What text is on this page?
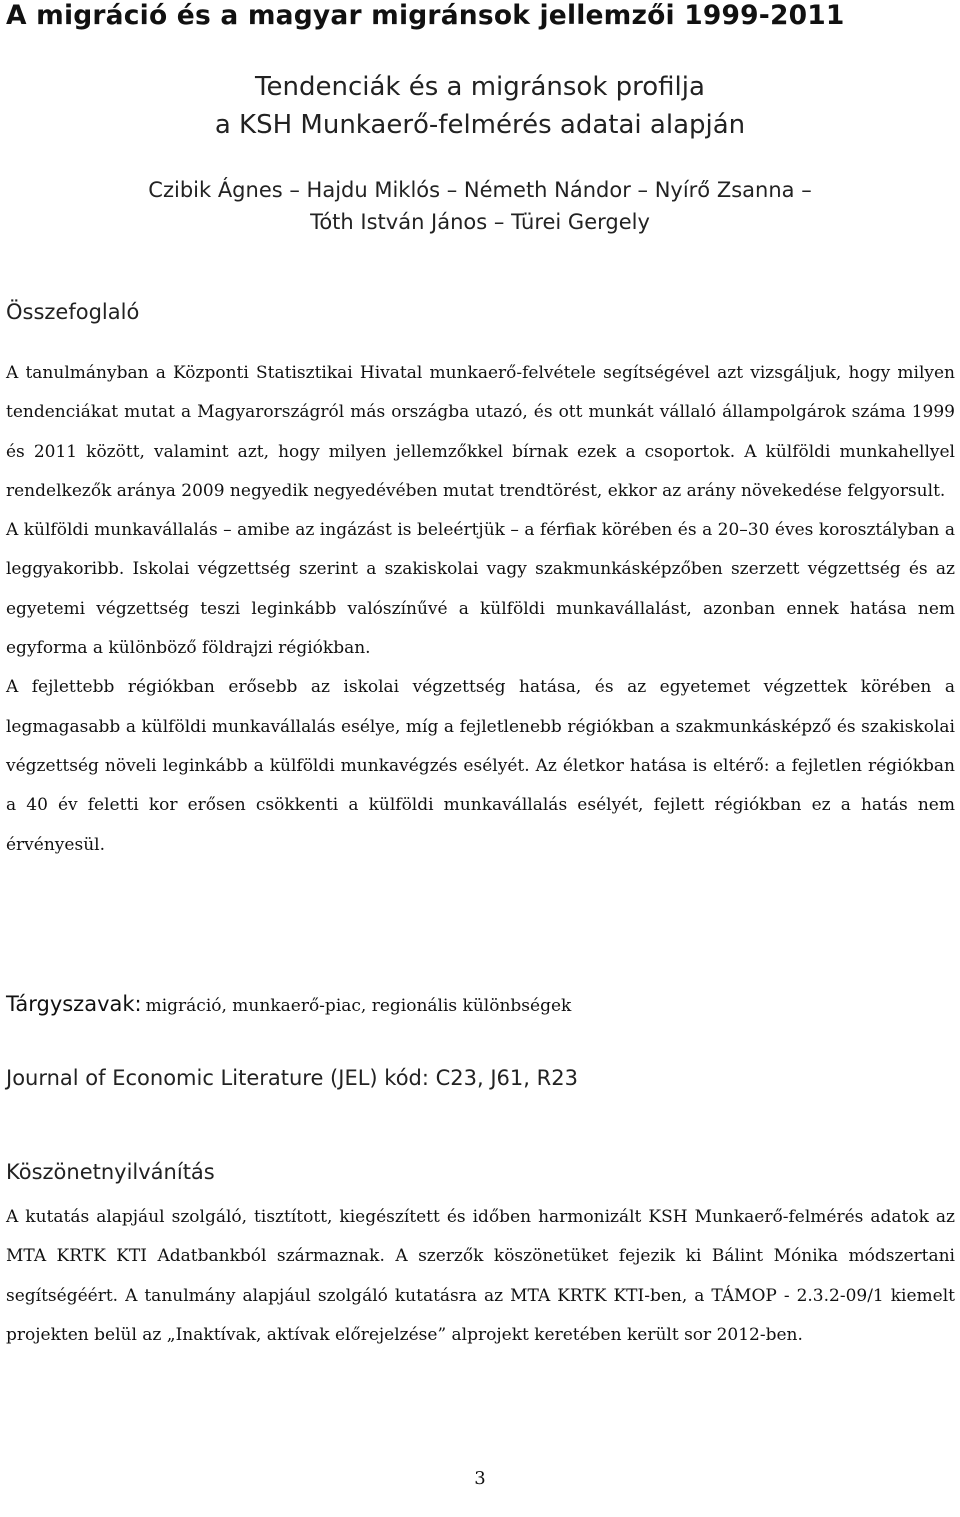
A migráció és a magyar migránsok jellemzői 1999-2011
Tendenciák és a migránsok profilja
a KSH Munkaerő-felmérés adatai alapján
Czibik Ágnes – Hajdu Miklós – Németh Nándor – Nyírő Zsanna –
Tóth István János – Türei Gergely
Összefoglaló

A tanulmányban a Központi Statisztikai Hivatal munkaerő-felvétele segítségével azt vizsgáljuk, hogy milyen tendenciákat mutat a Magyarországról más országba utazó, és ott munkát vállaló állampolgárok száma 1999 és 2011 között, valamint azt, hogy milyen jellemzőkkel bírnak ezek a csoportok. A külföldi munkahellyel rendelkezők aránya 2009 negyedik negyedévében mutat trendtörést, ekkor az arány növekedése felgyorsult.

A külföldi munkavállalás – amibe az ingázást is beleértjük – a férfiak körében és a 20–30 éves korosztályban a leggyakoribb. Iskolai végzettség szerint a szakiskolai vagy szakmunkásképzőben szerzett végzettség és az egyetemi végzettség teszi leginkább valószínűvé a külföldi munkavállalást, azonban ennek hatása nem egyforma a különböző földrajzi régiókban.

A fejlettebb régiókban erősebb az iskolai végzettség hatása, és az egyetemet végzettek körében a legmagasabb a külföldi munkavállalás esélye, míg a fejletlenebb régiókban a szakmunkásképző és szakiskolai végzettség növeli leginkább a külföldi munkavégzés esélyét. Az életkor hatása is eltérő: a fejletlen régiókban a 40 év feletti kor erősen csökkenti a külföldi munkavállalás esélyét, fejlett régiókban ez a hatás nem érvényesül.

Tárgyszavak: migráció, munkaerő-piac, regionális különbségek
Journal of Economic Literature (JEL) kód: C23, J61, R23
Köszönetnyilvánítás

A kutatás alapjául szolgáló, tisztított, kiegészített és időben harmonizált KSH Munkaerő-felmérés adatok az MTA KRTK KTI Adatbankból származnak. A szerzők köszönetüket fejezik ki Bálint Mónika módszertani segítségéért. A tanulmány alapjául szolgáló kutatásra az MTA KRTK KTI-ben, a TÁMOP - 2.3.2-09/1 kiemelt projekten belül az „Inaktívak, aktívak előrejelzése” alprojekt keretében került sor 2012-ben.

3
